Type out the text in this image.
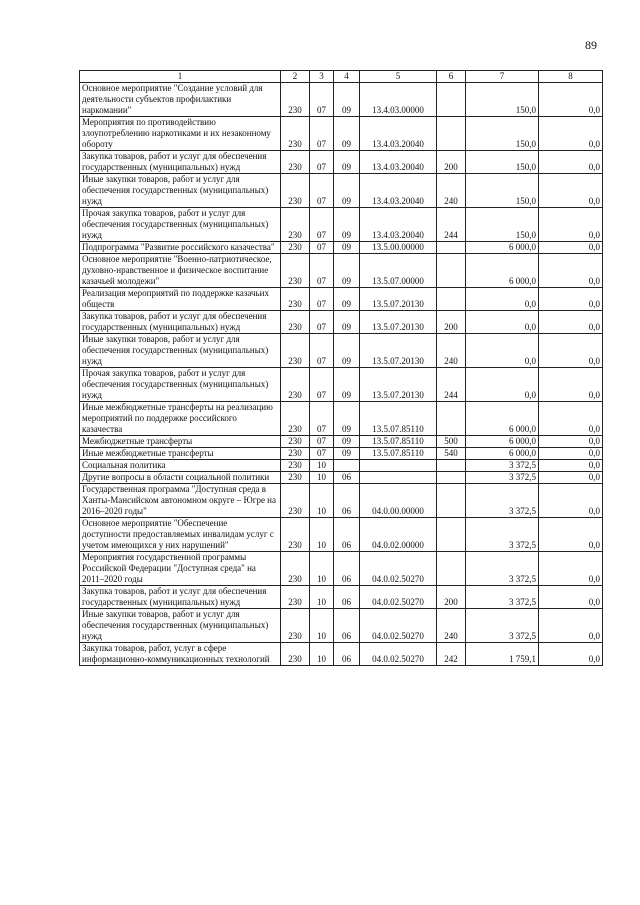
89
1	2	3	4	5	6	7	8
Основное мероприятие "Создание условий для деятельности субъектов профилактики наркомании"	230	07	09	13.4.03.00000		150,0	0,0
Мероприятия по противодействию злоупотреблению наркотиками и их незаконному обороту	230	07	09	13.4.03.20040		150,0	0,0
Закупка товаров, работ и услуг для обеспечения государственных (муниципальных) нужд	230	07	09	13.4.03.20040	200	150,0	0,0
Иные закупки товаров, работ и услуг для обеспечения государственных (муниципальных) нужд	230	07	09	13.4.03.20040	240	150,0	0,0
Прочая закупка товаров, работ и услуг для обеспечения государственных (муниципальных) нужд	230	07	09	13.4.03.20040	244	150,0	0,0
Подпрограмма "Развитие российского казачества"	230	07	09	13.5.00.00000		6 000,0	0,0
Основное мероприятие "Военно-патриотическое, духовно-нравственное и физическое воспитание казачьей молодежи"	230	07	09	13.5.07.00000		6 000,0	0,0
Реализация мероприятий по поддержке казачьих обществ	230	07	09	13.5.07.20130		0,0	0,0
Закупка товаров, работ и услуг для обеспечения государственных (муниципальных) нужд	230	07	09	13.5.07.20130	200	0,0	0,0
Иные закупки товаров, работ и услуг для обеспечения государственных (муниципальных) нужд	230	07	09	13.5.07.20130	240	0,0	0,0
Прочая закупка товаров, работ и услуг для обеспечения государственных (муниципальных) нужд	230	07	09	13.5.07.20130	244	0,0	0,0
Иные межбюджетные трансферты на реализацию мероприятий по поддержке российского казачества	230	07	09	13.5.07.85110		6 000,0	0,0
Межбюджетные трансферты	230	07	09	13.5.07.85110	500	6 000,0	0,0
Иные межбюджетные трансферты	230	07	09	13.5.07.85110	540	6 000,0	0,0
Социальная политика	230	10				3 372,5	0,0
Другие вопросы в области социальной политики	230	10	06			3 372,5	0,0
Государственная программа "Доступная среда в Ханты-Мансийском автономном округе – Югре на 2016–2020 годы"	230	10	06	04.0.00.00000		3 372,5	0,0
Основное мероприятие "Обеспечение доступности предоставляемых инвалидам услуг с учетом имеющихся у них нарушений"	230	10	06	04.0.02.00000		3 372,5	0,0
Мероприятия государственной программы Российской Федерации "Доступная среда" на 2011–2020 годы	230	10	06	04.0.02.50270		3 372,5	0,0
Закупка товаров, работ и услуг для обеспечения государственных (муниципальных) нужд	230	10	06	04.0.02.50270	200	3 372,5	0,0
Иные закупки товаров, работ и услуг для обеспечения государственных (муниципальных) нужд	230	10	06	04.0.02.50270	240	3 372,5	0,0
Закупка товаров, работ, услуг в сфере информационно-коммуникационных технологий	230	10	06	04.0.02.50270	242	1 759,1	0,0
